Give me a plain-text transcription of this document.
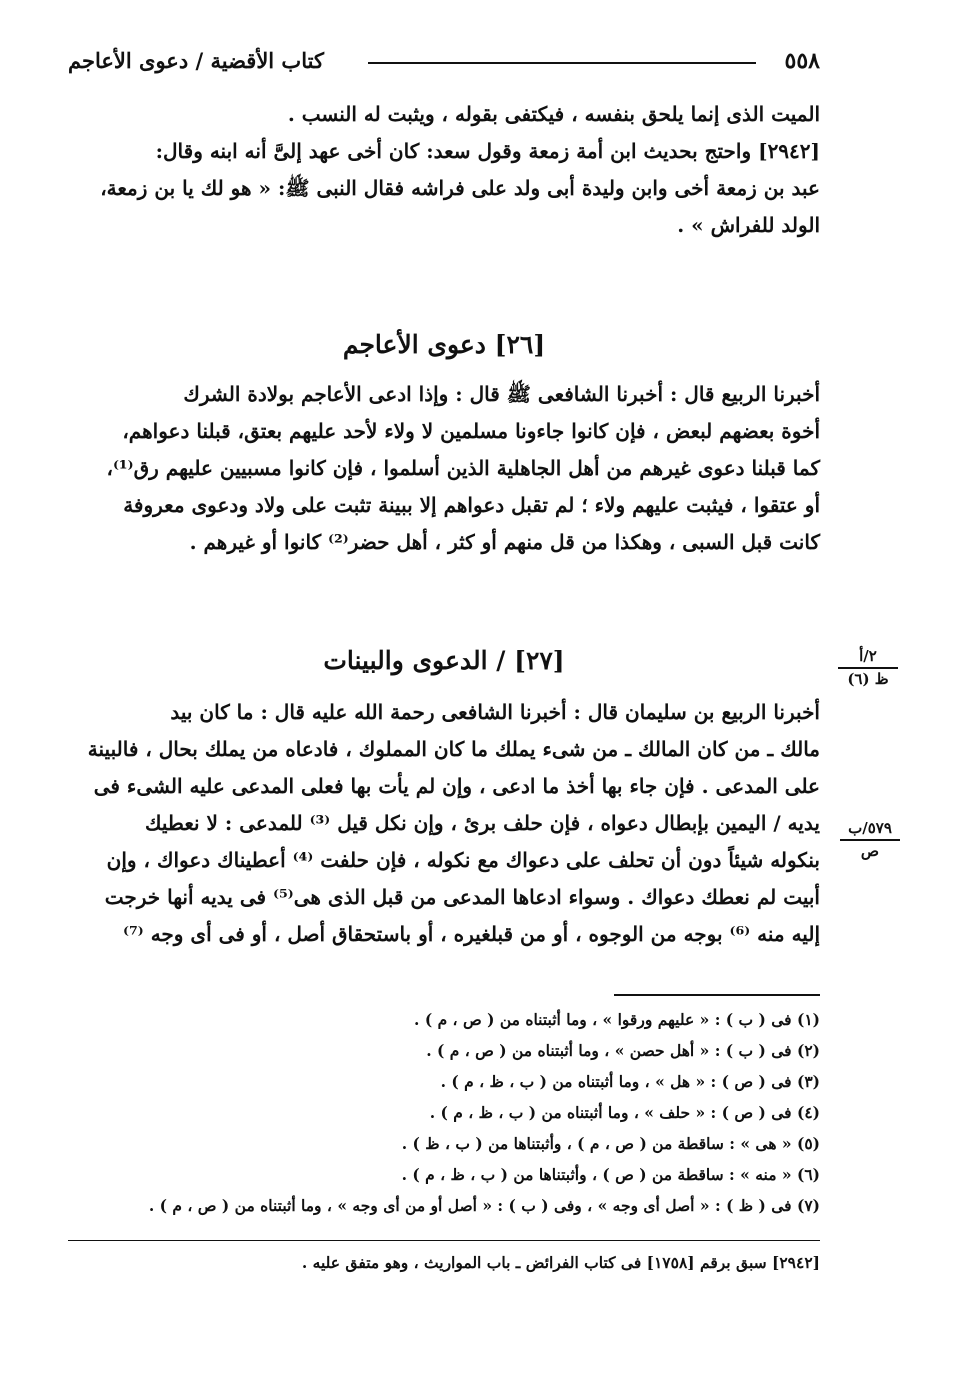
٥٥٨
كتاب الأقضية / دعوى الأعاجم

الميت الذى إنما يلحق بنفسه ، فيكتفى بقوله ، ويثبت له النسب .

[٢٩٤٢] واحتج بحديث ابن أمة زمعة وقول سعد: كان أخى عهد إلىَّ أنه ابنه وقال:

عبد بن زمعة أخى وابن وليدة أبى ولد على فراشه فقال النبى ﷺ: « هو لك يا بن زمعة،

الولد للفراش » .

[٢٦] دعوى الأعاجم

أخبرنا الربيع قال : أخبرنا الشافعى ﷺ قال : وإذا ادعى الأعاجم بولادة الشرك

أخوة بعضهم لبعض ، فإن كانوا جاءونا مسلمين لا ولاء لأحد عليهم بعتق، قبلنا دعواهم،

كما قبلنا دعوى غيرهم من أهل الجاهلية الذين أسلموا ، فإن كانوا مسبيين عليهم رق⁽¹⁾،

أو عتقوا ، فيثبت عليهم ولاء ؛ لم تقبل دعواهم إلا ببينة تثبت على ولاد ودعوى معروفة

كانت قبل السبى ، وهكذا من قل منهم أو كثر ، أهل حضر⁽²⁾ كانوا أو غيرهم .

[٢٧] / الدعوى والبينات	٢/أ
ظ (٦)
٥٧٩/ب
ص

أخبرنا الربيع بن سليمان قال : أخبرنا الشافعى رحمة الله عليه قال : ما كان بيد

مالك ـ من كان المالك ـ من شىء يملك ما كان المملوك ، فادعاه من يملك بحال ، فالبينة

على المدعى . فإن جاء بها أخذ ما ادعى ، وإن لم يأت بها فعلى المدعى عليه الشىء فى

يديه / اليمين بإبطال دعواه ، فإن حلف برئ ، وإن نكل قيل ⁽³⁾ للمدعى : لا نعطيك

بنكوله شيئاً دون أن تحلف على دعواك مع نكوله ، فإن حلفت ⁽⁴⁾ أعطيناك دعواك ، وإن

أبيت لم نعطك دعواك . وسواء ادعاها المدعى من قبل الذى هى⁽⁵⁾ فى يديه أنها خرجت

إليه منه ⁽⁶⁾ بوجه من الوجوه ، أو من قبلغيره ، أو باستحقاق أصل ، أو فى أى وجه ⁽⁷⁾

(١) فى ( ب ) : « عليهم ورقوا » ، وما أثبتناه من ( ص ، م ) .
(٢) فى ( ب ) : « أهل حصن » ، وما أثبتناه من ( ص ، م ) .
(٣) فى ( ص ) : « هل » ، وما أثبتناه من ( ب ، ظ ، م ) .
(٤) فى ( ص ) : « حلف » ، وما أثبتناه من ( ب ، ظ ، م ) .
(٥) « هى » : ساقطة من ( ص ، م ) ، وأثبتناها من ( ب ، ظ ) .
(٦) « منه » : ساقطة من ( ص ) ، وأثبتناها من ( ب ، ظ ، م ) .
(٧) فى ( ظ ) : « أصل أى وجه » ، وفى ( ب ) : « أصل أو من أى وجه » ، وما أثبتناه من ( ص ، م ) .
[٢٩٤٢] سبق برقم [١٧٥٨] فى كتاب الفرائض ـ باب المواريث ، وهو متفق عليه .
